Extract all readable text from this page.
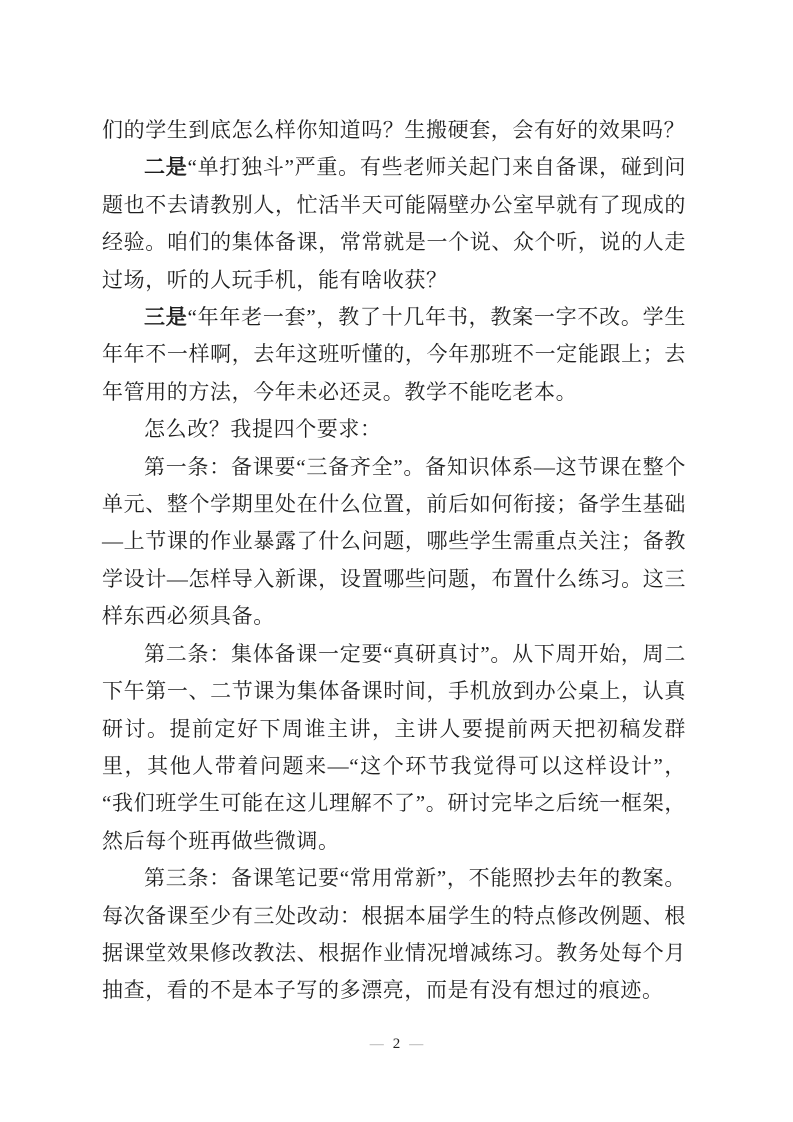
们的学生到底怎么样你知道吗？生搬硬套，会有好的效果吗？

二是“单打独斗”严重。有些老师关起门来自备课，碰到问题也不去请教别人，忙活半天可能隔壁办公室早就有了现成的经验。咱们的集体备课，常常就是一个说、众个听，说的人走过场，听的人玩手机，能有啥收获？

三是“年年老一套”，教了十几年书，教案一字不改。学生年年不一样啊，去年这班听懂的，今年那班不一定能跟上；去年管用的方法，今年未必还灵。教学不能吃老本。

怎么改？我提四个要求：

第一条：备课要“三备齐全”。备知识体系—这节课在整个单元、整个学期里处在什么位置，前后如何衔接；备学生基础—上节课的作业暴露了什么问题，哪些学生需重点关注；备教学设计—怎样导入新课，设置哪些问题，布置什么练习。这三样东西必须具备。

第二条：集体备课一定要“真研真讨”。从下周开始，周二下午第一、二节课为集体备课时间，手机放到办公桌上，认真研讨。提前定好下周谁主讲，主讲人要提前两天把初稿发群里，其他人带着问题来—“这个环节我觉得可以这样设计”，“我们班学生可能在这儿理解不了”。研讨完毕之后统一框架，然后每个班再做些微调。

第三条：备课笔记要“常用常新”，不能照抄去年的教案。每次备课至少有三处改动：根据本届学生的特点修改例题、根据课堂效果修改教法、根据作业情况增减练习。教务处每个月抽查，看的不是本子写的多漂亮，而是有没有想过的痕迹。

— 2 —
